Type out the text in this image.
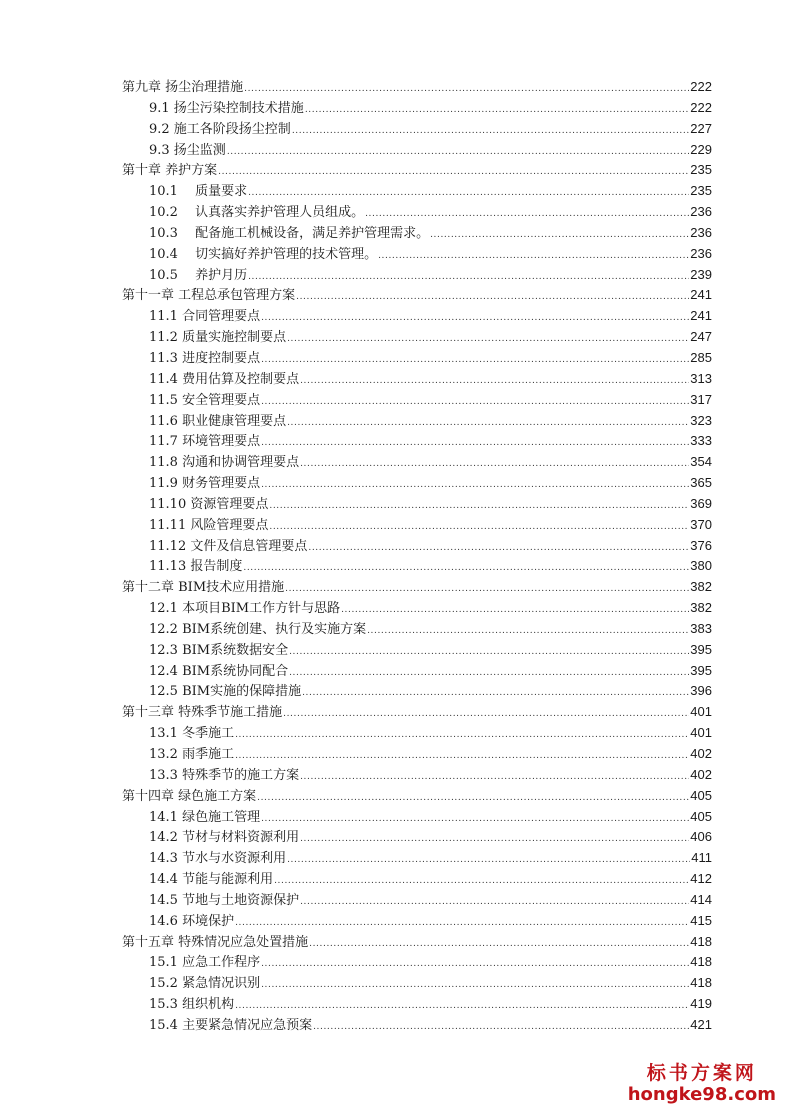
第九章 扬尘治理措施 .....	222
9.1 扬尘污染控制技术措施 .....	222
9.2 施工各阶段扬尘控制 .....	227
9.3 扬尘监测 .....	229
第十章 养护方案 .....	235
10.1　 质量要求 .....	235
10.2　 认真落实养护管理人员组成。 .....	236
10.3　 配备施工机械设备，满足养护管理需求。 .....	236
10.4　 切实搞好养护管理的技术管理。 .....	236
10.5　 养护月历 .....	239
第十一章 工程总承包管理方案 .....	241
11.1 合同管理要点 .....	241
11.2 质量实施控制要点 .....	247
11.3 进度控制要点 .....	285
11.4 费用估算及控制要点 .....	313
11.5 安全管理要点 .....	317
11.6 职业健康管理要点 .....	323
11.7 环境管理要点 .....	333
11.8 沟通和协调管理要点 .....	354
11.9 财务管理要点 .....	365
11.10 资源管理要点 .....	369
11.11 风险管理要点 .....	370
11.12 文件及信息管理要点 .....	376
11.13 报告制度 .....	380
第十二章 BIM技术应用措施 .....	382
12.1 本项目BIM工作方针与思路 .....	382
12.2 BIM系统创建、执行及实施方案 .....	383
12.3 BIM系统数据安全 .....	395
12.4 BIM系统协同配合 .....	395
12.5 BIM实施的保障措施 .....	396
第十三章 特殊季节施工措施 .....	401
13.1 冬季施工 .....	401
13.2 雨季施工 .....	402
13.3 特殊季节的施工方案 .....	402
第十四章 绿色施工方案 .....	405
14.1 绿色施工管理 .....	405
14.2 节材与材料资源利用 .....	406
14.3 节水与水资源利用 .....	411
14.4 节能与能源利用 .....	412
14.5 节地与土地资源保护 .....	414
14.6 环境保护 .....	415
第十五章 特殊情况应急处置措施 .....	418
15.1 应急工作程序 .....	418
15.2 紧急情况识别 .....	418
15.3 组织机构 .....	419
15.4 主要紧急情况应急预案 .....	421
标书方案网
hongke98.com
